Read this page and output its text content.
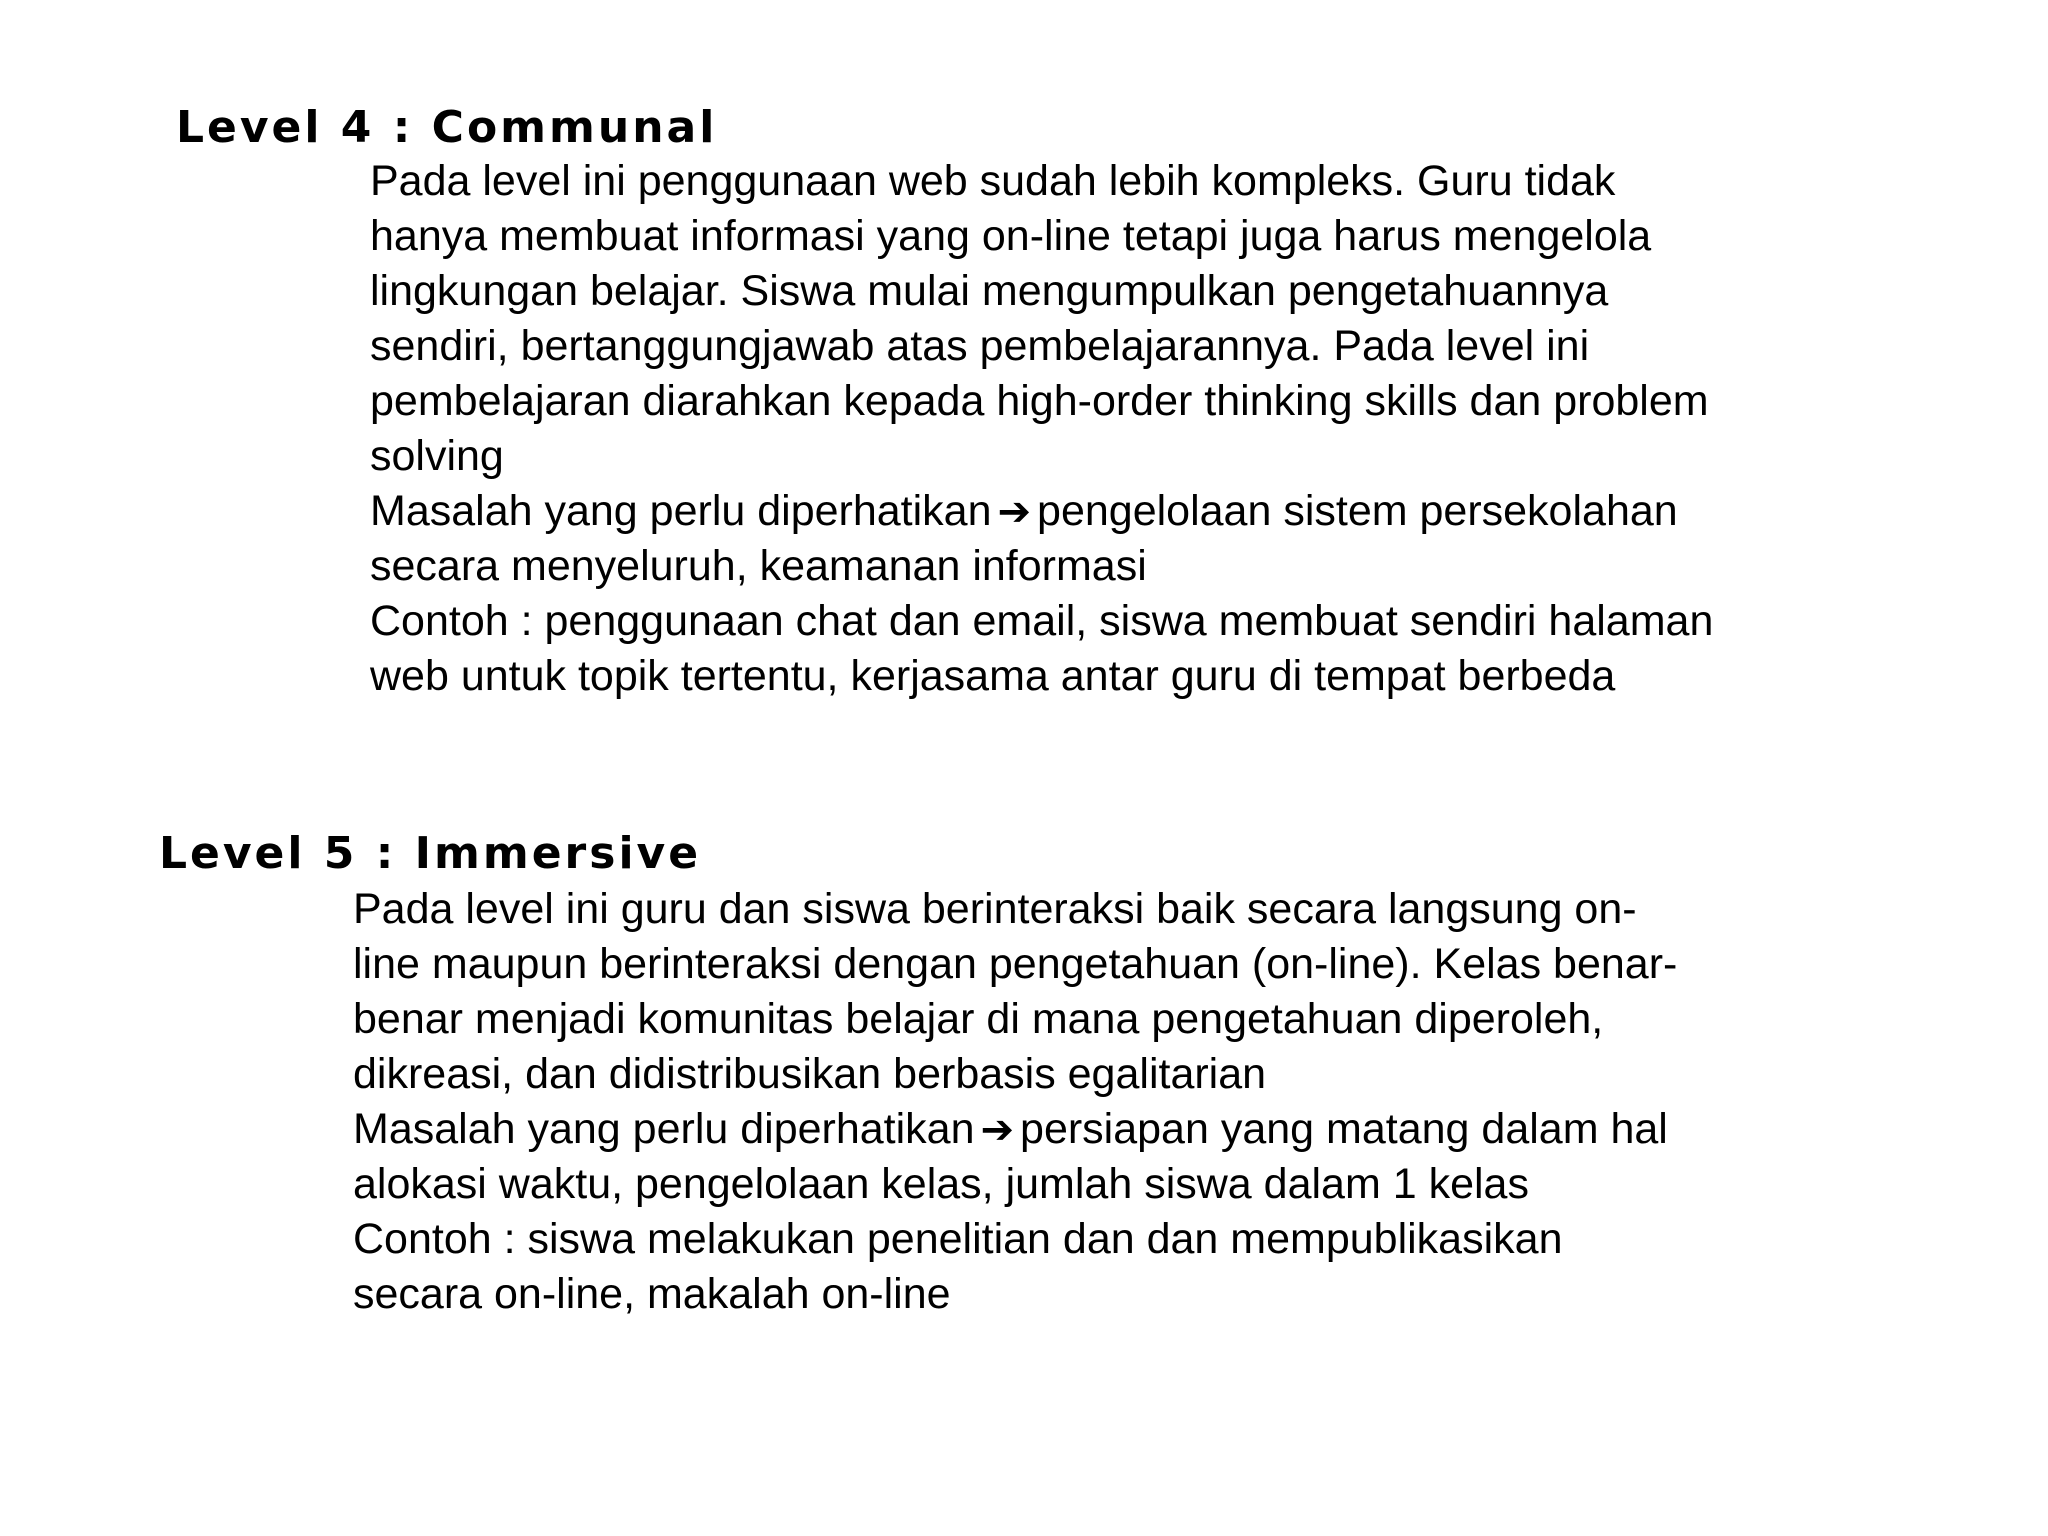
Level 4 : Communal
Pada level ini penggunaan web sudah lebih kompleks. Guru tidak
hanya membuat informasi yang on-line tetapi juga harus mengelola
lingkungan belajar. Siswa mulai mengumpulkan pengetahuannya
sendiri, bertanggungjawab atas pembelajarannya. Pada level ini
pembelajaran diarahkan kepada high-order thinking skills dan problem
solving
Masalah yang perlu diperhatikan ➔ pengelolaan sistem persekolahan
secara menyeluruh, keamanan informasi
Contoh : penggunaan chat dan email, siswa membuat sendiri halaman
web untuk topik tertentu, kerjasama antar guru di tempat berbeda
Level 5 : Immersive
Pada level ini guru dan siswa berinteraksi baik secara langsung on-
line maupun berinteraksi dengan pengetahuan (on-line). Kelas benar-
benar menjadi komunitas belajar di mana pengetahuan diperoleh,
dikreasi, dan didistribusikan berbasis egalitarian
Masalah yang perlu diperhatikan ➔ persiapan yang matang dalam hal
alokasi waktu, pengelolaan kelas, jumlah siswa dalam 1 kelas
Contoh : siswa melakukan penelitian dan dan mempublikasikan
secara on-line, makalah on-line
